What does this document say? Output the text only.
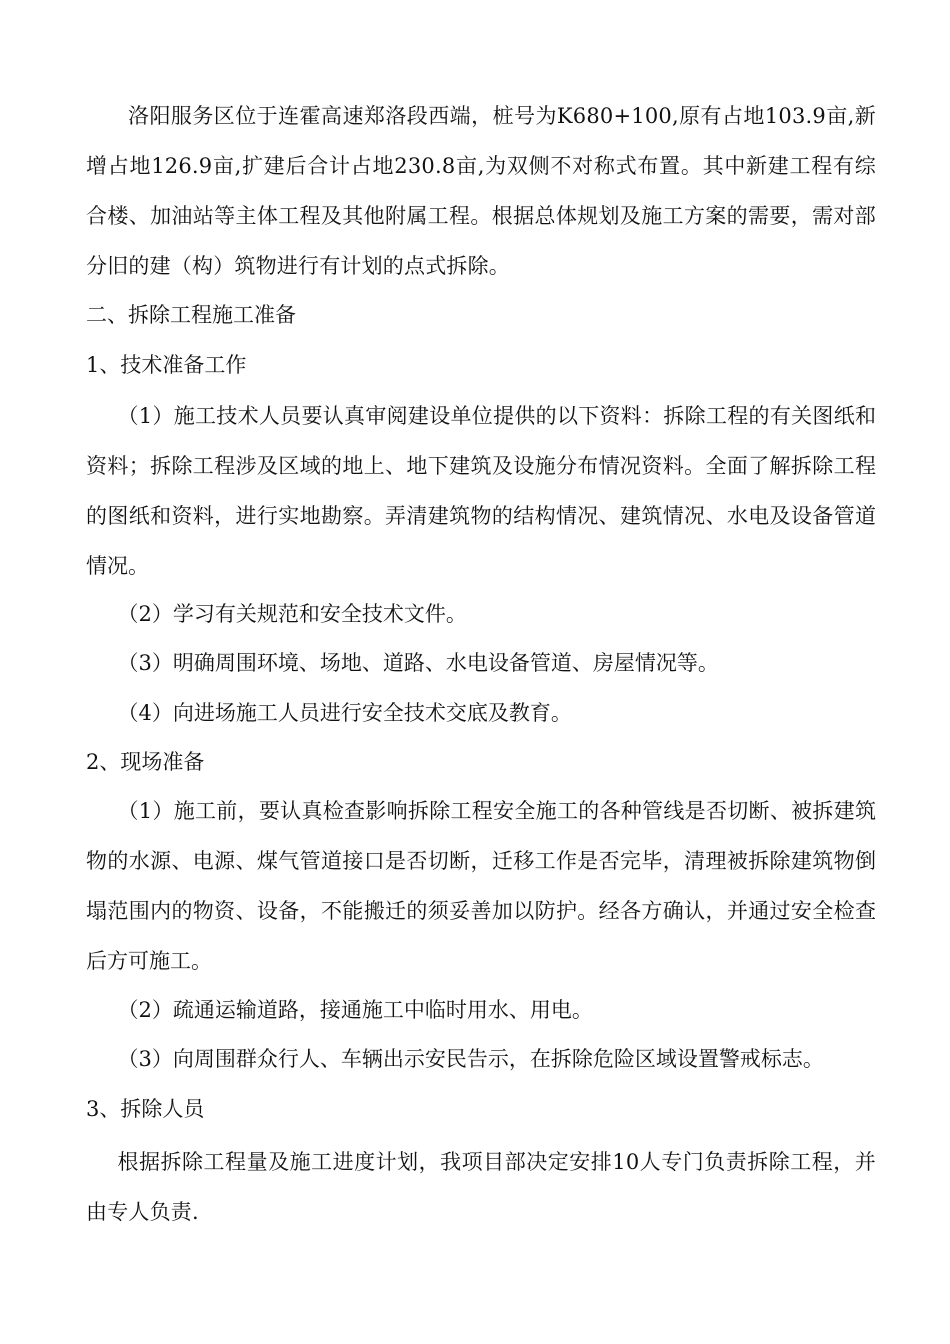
洛阳服务区位于连霍高速郑洛段西端，桩号为K680+100,原有占地103.9亩,新增占地126.9亩,扩建后合计占地230.8亩,为双侧不对称式布置。其中新建工程有综合楼、加油站等主体工程及其他附属工程。根据总体规划及施工方案的需要，需对部分旧的建（构）筑物进行有计划的点式拆除。

二、拆除工程施工准备

1、技术准备工作

（1）施工技术人员要认真审阅建设单位提供的以下资料：拆除工程的有关图纸和资料；拆除工程涉及区域的地上、地下建筑及设施分布情况资料。全面了解拆除工程的图纸和资料，进行实地勘察。弄清建筑物的结构情况、建筑情况、水电及设备管道情况。

（2）学习有关规范和安全技术文件。

（3）明确周围环境、场地、道路、水电设备管道、房屋情况等。

（4）向进场施工人员进行安全技术交底及教育。

2、现场准备

（1）施工前，要认真检查影响拆除工程安全施工的各种管线是否切断、被拆建筑物的水源、电源、煤气管道接口是否切断，迁移工作是否完毕，清理被拆除建筑物倒塌范围内的物资、设备，不能搬迁的须妥善加以防护。经各方确认，并通过安全检查后方可施工。

（2）疏通运输道路，接通施工中临时用水、用电。

（3）向周围群众行人、车辆出示安民告示，在拆除危险区域设置警戒标志。

3、拆除人员

根据拆除工程量及施工进度计划，我项目部决定安排10人专门负责拆除工程，并由专人负责.
